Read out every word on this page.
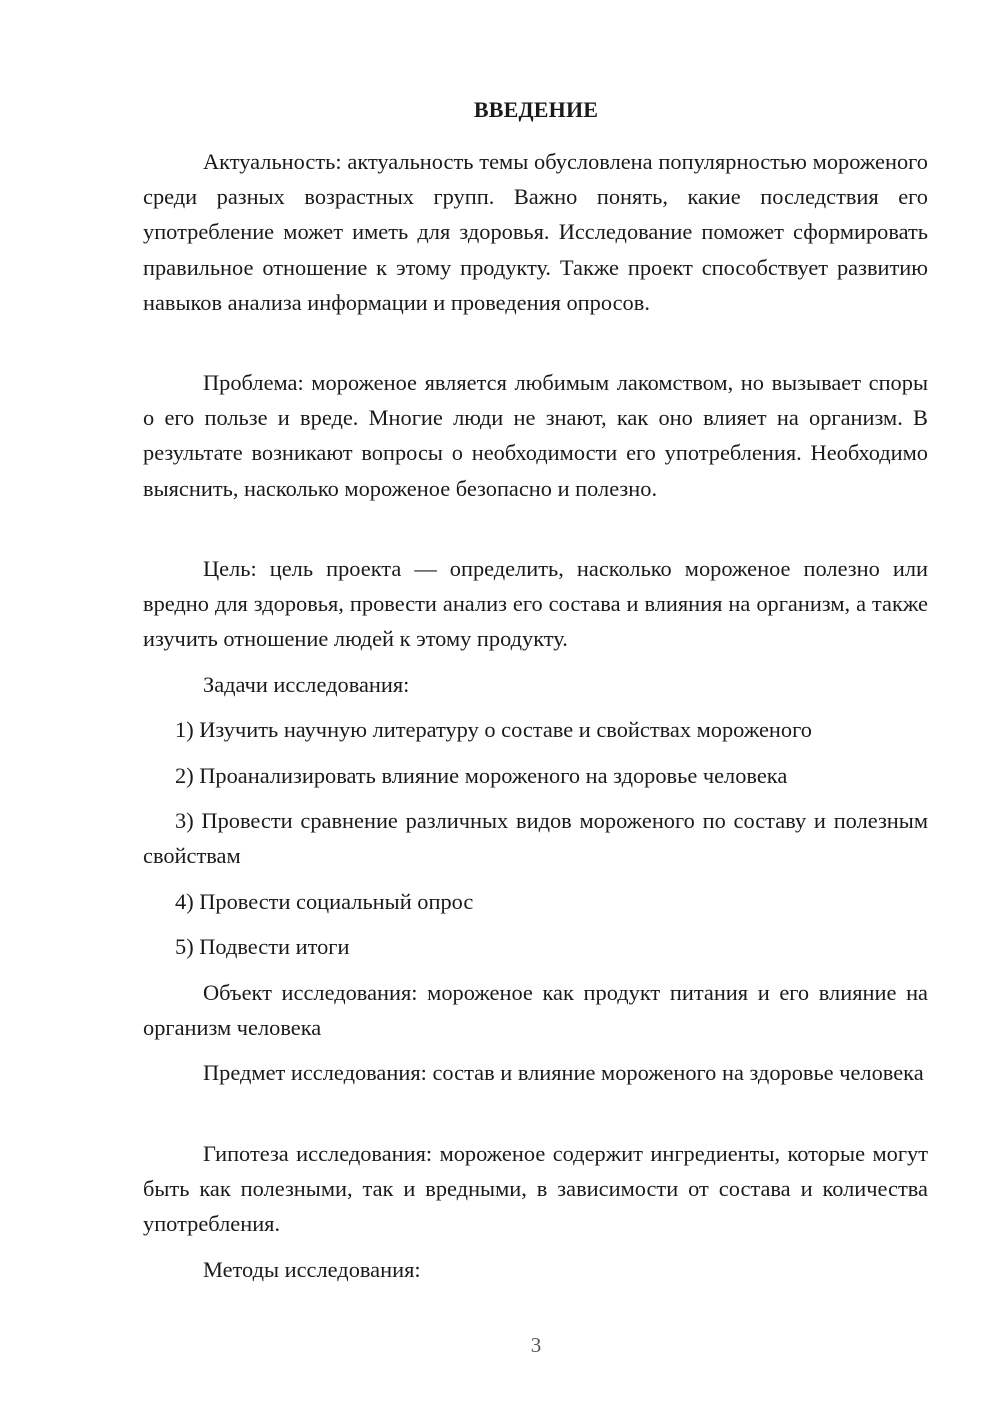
ВВЕДЕНИЕ

Актуальность: актуальность темы обусловлена популярностью мороженого среди разных возрастных групп. Важно понять, какие последствия его употребление может иметь для здоровья. Исследование поможет сформировать правильное отношение к этому продукту. Также проект способствует развитию навыков анализа информации и проведения опросов.

Проблема: мороженое является любимым лакомством, но вызывает споры о его пользе и вреде. Многие люди не знают, как оно влияет на организм. В результате возникают вопросы о необходимости его употребления. Необходимо выяснить, насколько мороженое безопасно и полезно.

Цель: цель проекта — определить, насколько мороженое полезно или вредно для здоровья, провести анализ его состава и влияния на организм, а также изучить отношение людей к этому продукту.

Задачи исследования:

1) Изучить научную литературу о составе и свойствах мороженого

2) Проанализировать влияние мороженого на здоровье человека

3) Провести сравнение различных видов мороженого по составу и полезным свойствам

4) Провести социальный опрос

5) Подвести итоги

Объект исследования: мороженое как продукт питания и его влияние на организм человека

Предмет исследования: состав и влияние мороженого на здоровье человека

Гипотеза исследования: мороженое содержит ингредиенты, которые могут быть как полезными, так и вредными, в зависимости от состава и количества употребления.

Методы исследования:

3
